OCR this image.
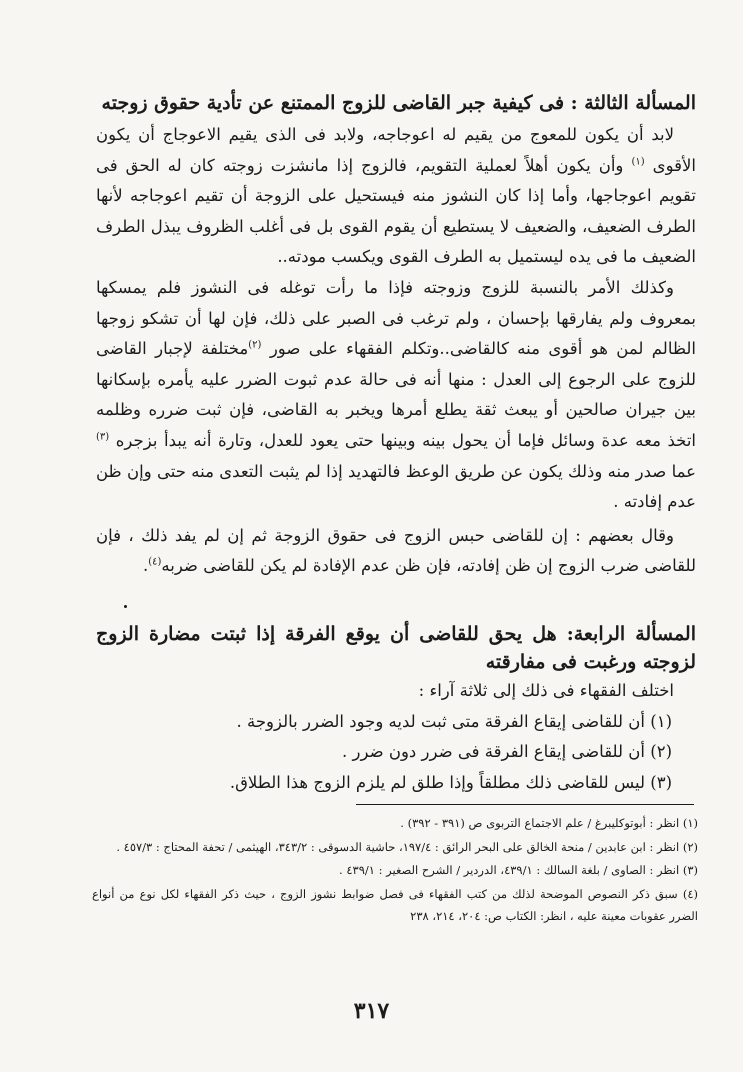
المسألة الثالثة : فى كيفية جبر القاضى للزوج الممتنع عن تأدية حقوق زوجته

لابد أن يكون للمعوج من يقيم له اعوجاجه، ولابد فى الذى يقيم الاعوجاج أن يكون الأقوى $^{(١)}$ وأن يكون أهلاً لعملية التقويم، فالزوج إذا مانشزت زوجته كان له الحق فى تقويم اعوجاجها، وأما إذا كان النشوز منه فيستحيل على الزوجة أن تقيم اعوجاجه لأنها الطرف الضعيف، والضعيف لا يستطيع أن يقوم القوى بل فى أغلب الظروف يبذل الطرف الضعيف ما فى يده ليستميل به الطرف القوى ويكسب مودته..

وكذلك الأمر بالنسبة للزوج وزوجته فإذا ما رأت توغله فى النشوز فلم يمسكها بمعروف ولم يفارقها بإحسان ، ولم ترغب فى الصبر على ذلك، فإن لها أن تشكو زوجها الظالم لمن هو أقوى منه كالقاضى..وتكلم الفقهاء على صور $^{(٢)}$مختلفة لإجبار القاضى للزوج على الرجوع إلى العدل : منها أنه فى حالة عدم ثبوت الضرر عليه يأمره بإسكانها بين جيران صالحين أو يبعث ثقة يطلع أمرها ويخبر به القاضى، فإن ثبت ضرره وظلمه اتخذ معه عدة وسائل فإما أن يحول بينه وبينها حتى يعود للعدل، وتارة أنه يبدأ بزجره $^{(٣)}$ عما صدر منه وذلك يكون عن طريق الوعظ فالتهديد إذا لم يثبت التعدى منه حتى وإن ظن عدم إفادته .

وقال بعضهم : إن للقاضى حبس الزوج فى حقوق الزوجة ثم إن لم يفد ذلك ، فإن للقاضى ضرب الزوج إن ظن إفادته، فإن ظن عدم الإفادة لم يكن للقاضى ضربه$^{(٤)}$.

المسألة الرابعة: هل يحق للقاضى أن يوقع الفرقة إذا ثبتت مضارة الزوج لزوجته ورغبت فى مفارقته

اختلف الفقهاء فى ذلك إلى ثلاثة آراء :

(١) أن للقاضى إيقاع الفرقة متى ثبت لديه وجود الضرر بالزوجة .
(٢) أن للقاضى إيقاع الفرقة فى ضرر دون ضرر .
(٣) ليس للقاضى ذلك مطلقاً وإذا طلق لم يلزم الزوج هذا الطلاق.

(١) انظر : أبوتوكليبرغ / علم الاجتماع التربوى ص (٣٩١ - ٣٩٢) .

(٢) انظر : ابن عابدين / منحة الخالق على البحر الرائق : ١٩٧/٤، حاشية الدسوقى : ٣٤٣/٢، الهيثمى / تحفة المحتاج : ٤٥٧/٣ .

(٣) انظر : الصاوى / بلغة السالك : ٤٣٩/١، الدردير / الشرح الصغير : ٤٣٩/١ .

(٤) سبق ذكر النصوص الموضحة لذلك من كتب الفقهاء فى فصل ضوابط نشوز الزوج ، حيث ذكر الفقهاء لكل نوع من أنواع الضرر عقوبات معينة عليه ، انظر: الكتاب ص: ٢٠٤، ٢١٤، ٢٣٨

٣١٧
